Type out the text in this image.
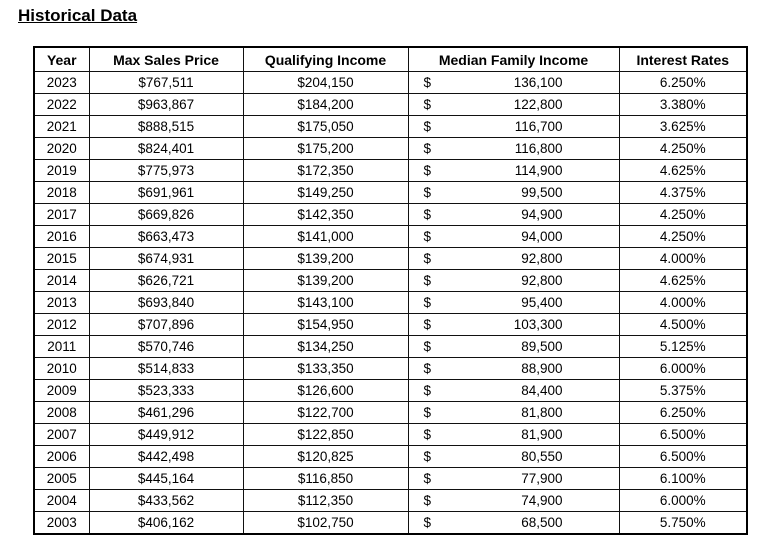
Historical Data
Year	Max Sales Price	Qualifying Income	Median Family Income	Interest Rates
2023	$767,511	$204,150	$ 136,100	6.250%
2022	$963,867	$184,200	$ 122,800	3.380%
2021	$888,515	$175,050	$ 116,700	3.625%
2020	$824,401	$175,200	$ 116,800	4.250%
2019	$775,973	$172,350	$ 114,900	4.625%
2018	$691,961	$149,250	$ 99,500	4.375%
2017	$669,826	$142,350	$ 94,900	4.250%
2016	$663,473	$141,000	$ 94,000	4.250%
2015	$674,931	$139,200	$ 92,800	4.000%
2014	$626,721	$139,200	$ 92,800	4.625%
2013	$693,840	$143,100	$ 95,400	4.000%
2012	$707,896	$154,950	$ 103,300	4.500%
2011	$570,746	$134,250	$ 89,500	5.125%
2010	$514,833	$133,350	$ 88,900	6.000%
2009	$523,333	$126,600	$ 84,400	5.375%
2008	$461,296	$122,700	$ 81,800	6.250%
2007	$449,912	$122,850	$ 81,900	6.500%
2006	$442,498	$120,825	$ 80,550	6.500%
2005	$445,164	$116,850	$ 77,900	6.100%
2004	$433,562	$112,350	$ 74,900	6.000%
2003	$406,162	$102,750	$ 68,500	5.750%
